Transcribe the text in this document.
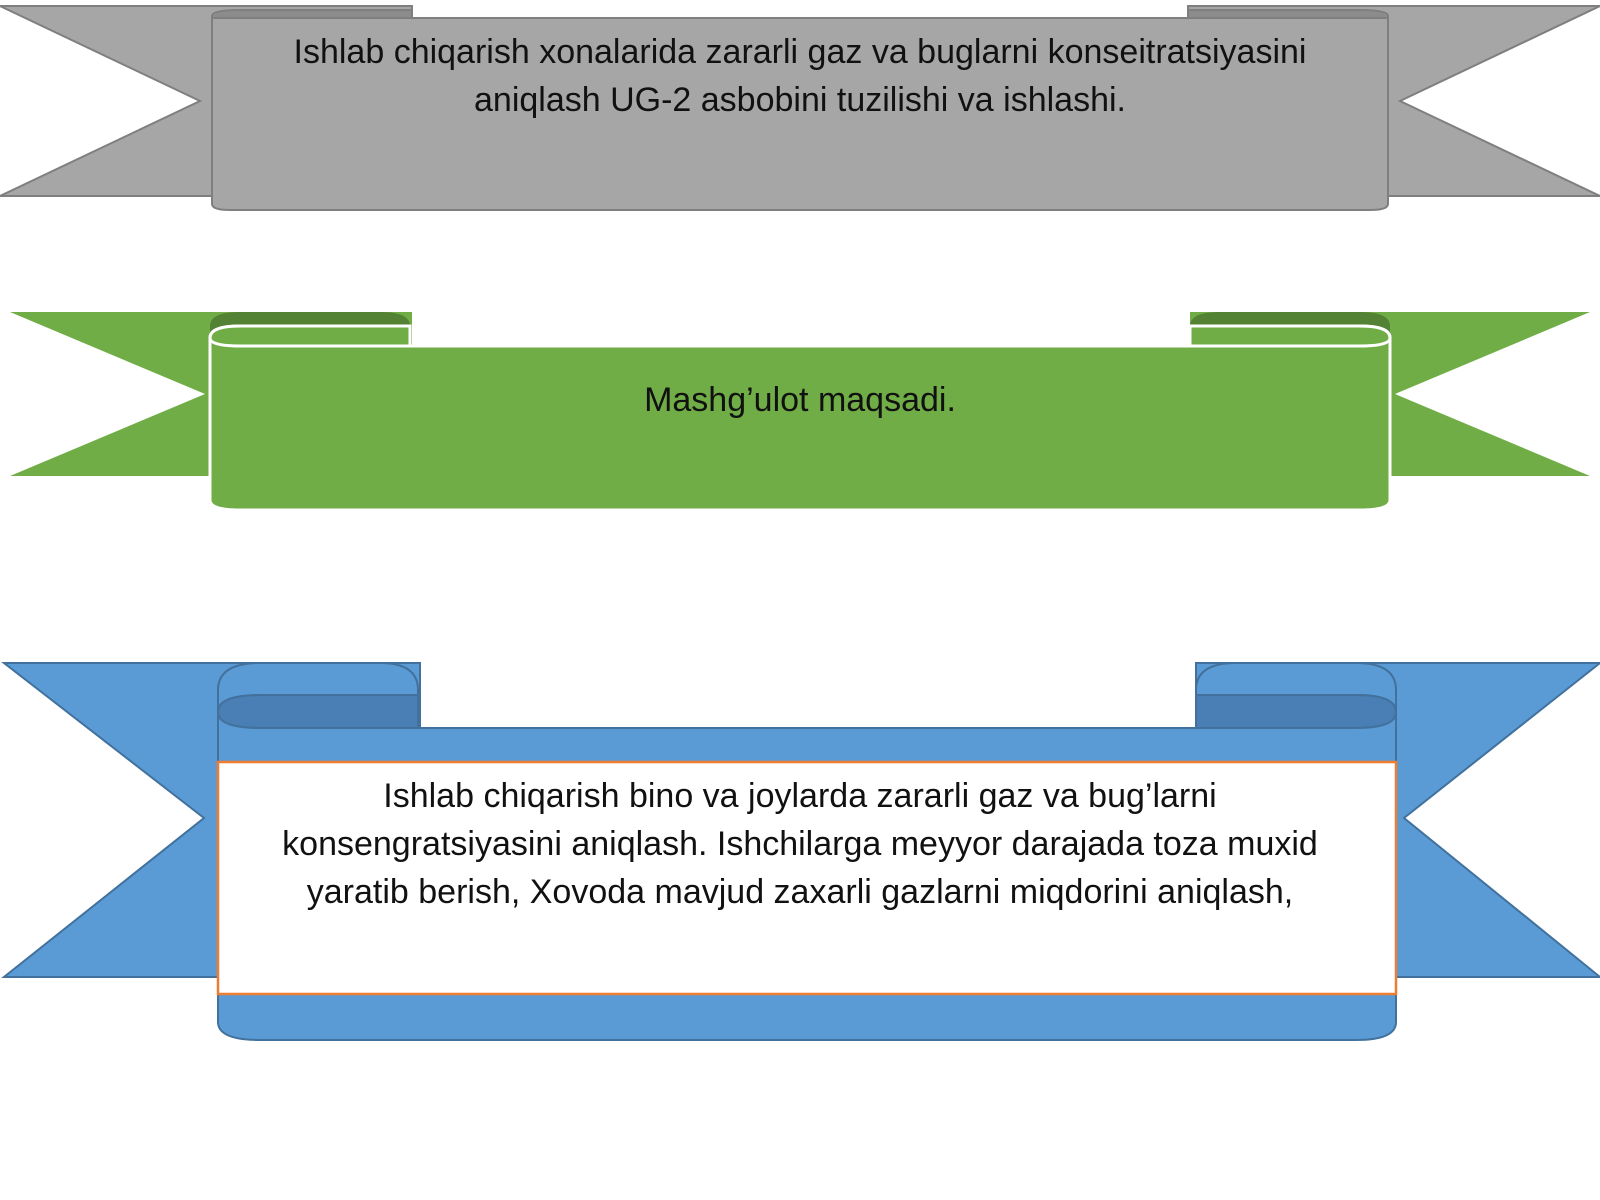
Ishlab chiqarish xonalarida zararli gaz va buglarni konseitratsiyasini aniqlash UG-2 asbobini tuzilishi va ishlashi.

Mashg’ulot maqsadi.

Ishlab chiqarish bino va joylarda zararli gaz va bug’larni konsengratsiyasini aniqlash. Ishchilarga meyyor darajada toza muxid yaratib berish, Xovoda mavjud zaxarli gazlarni miqdorini aniqlash,
